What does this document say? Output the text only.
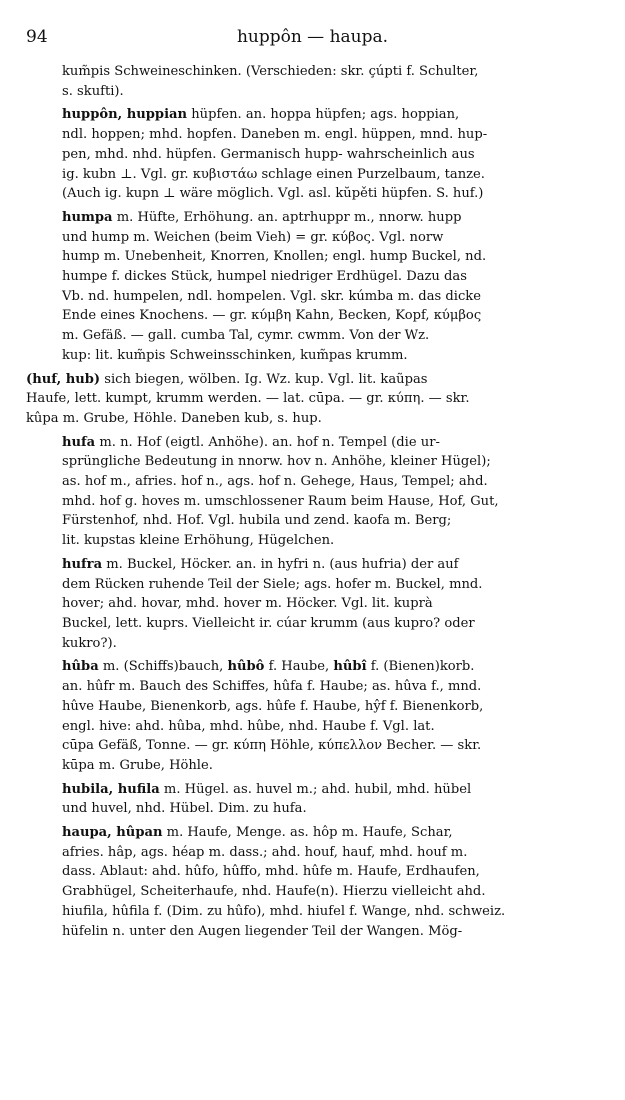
94	huppôn — haupa.
kum̃pis Schweineschinken. (Verschieden: skr. çúpti f. Schulter,
s. skufti).
huppôn, huppian hüpfen. an. hoppa hüpfen; ags. hoppian,
ndl. hoppen; mhd. hopfen. Daneben m. engl. hüppen, mnd. hup-
pen, mhd. nhd. hüpfen. Germanisch hupp- wahrscheinlich aus
ig. kubn ⊥. Vgl. gr. κυβιστάω schlage einen Purzelbaum, tanze.
(Auch ig. kupn ⊥ wäre möglich. Vgl. asl. kŭpěti hüpfen. S. huf.)
humpa m. Hüfte, Erhöhung. an. aptrhuppr m., nnorw. hupp
und hump m. Weichen (beim Vieh) = gr. κύβος. Vgl. norw
hump m. Unebenheit, Knorren, Knollen; engl. hump Buckel, nd.
humpe f. dickes Stück, humpel niedriger Erdhügel. Dazu das
Vb. nd. humpelen, ndl. hompelen. Vgl. skr. kúmba m. das dicke
Ende eines Knochens. — gr. κύμβη Kahn, Becken, Kopf, κύμβος
m. Gefäß. — gall. cumba Tal, cymr. cwmm. Von der Wz.
kup: lit. kum̃pis Schweinsschinken, kum̃pas krumm.
(huf, hub) sich biegen, wölben. Ig. Wz. kup. Vgl. lit. kaũpas
Haufe, lett. kumpt, krumm werden. — lat. cūpa. — gr. κύπη. — skr.
kûpa m. Grube, Höhle. Daneben kub, s. hup.
hufa m. n. Hof (eigtl. Anhöhe). an. hof n. Tempel (die ur-
sprüngliche Bedeutung in nnorw. hov n. Anhöhe, kleiner Hügel);
as. hof m., afries. hof n., ags. hof n. Gehege, Haus, Tempel; ahd.
mhd. hof g. hoves m. umschlossener Raum beim Hause, Hof, Gut,
Fürstenhof, nhd. Hof. Vgl. hubila und zend. kaofa m. Berg;
lit. kupstas kleine Erhöhung, Hügelchen.
hufra m. Buckel, Höcker. an. in hyfri n. (aus hufria) der auf
dem Rücken ruhende Teil der Siele; ags. hofer m. Buckel, mnd.
hover; ahd. hovar, mhd. hover m. Höcker. Vgl. lit. kuprà
Buckel, lett. kuprs. Vielleicht ir. cúar krumm (aus kupro? oder
kukro?).
hûba m. (Schiffs)bauch, hûbô f. Haube, hûbî f. (Bienen)korb.
an. hûfr m. Bauch des Schiffes, hûfa f. Haube; as. hûva f., mnd.
hûve Haube, Bienenkorb, ags. hûfe f. Haube, hŷf f. Bienenkorb,
engl. hive: ahd. hûba, mhd. hûbe, nhd. Haube f. Vgl. lat.
cūpa Gefäß, Tonne. — gr. κύπη Höhle, κύπελλον Becher. — skr.
kūpa m. Grube, Höhle.
hubila, hufila m. Hügel. as. huvel m.; ahd. hubil, mhd. hübel
und huvel, nhd. Hübel. Dim. zu hufa.
haupa, hûpan m. Haufe, Menge. as. hôp m. Haufe, Schar,
afries. hâp, ags. héap m. dass.; ahd. houf, hauf, mhd. houf m.
dass. Ablaut: ahd. hûfo, hûffo, mhd. hûfe m. Haufe, Erdhaufen,
Grabhügel, Scheiterhaufe, nhd. Haufe(n). Hierzu vielleicht ahd.
hiufila, hûfila f. (Dim. zu hûfo), mhd. hiufel f. Wange, nhd. schweiz.
hüfelin n. unter den Augen liegender Teil der Wangen. Mög-
